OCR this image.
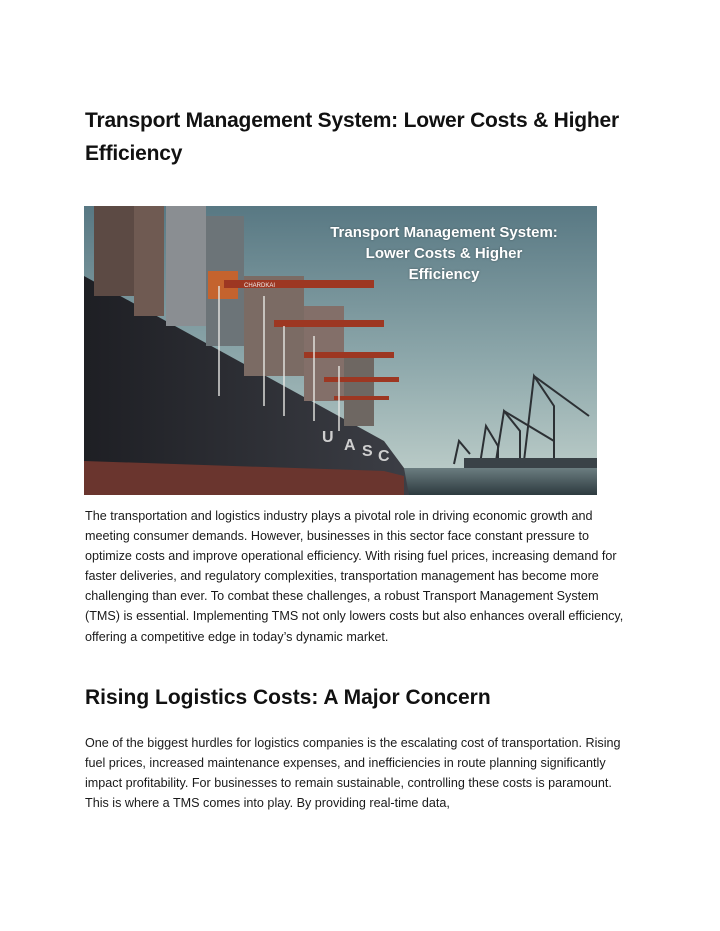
Transport Management System: Lower Costs & Higher Efficiency
CHARDKAI
U A S C
Transport Management System:
Lower Costs & Higher
Efficiency

The transportation and logistics industry plays a pivotal role in driving economic growth and meeting consumer demands. However, businesses in this sector face constant pressure to optimize costs and improve operational efficiency. With rising fuel prices, increasing demand for faster deliveries, and regulatory complexities, transportation management has become more challenging than ever. To combat these challenges, a robust Transport Management System (TMS) is essential. Implementing TMS not only lowers costs but also enhances overall efficiency, offering a competitive edge in today’s dynamic market.

Rising Logistics Costs: A Major Concern

One of the biggest hurdles for logistics companies is the escalating cost of transportation. Rising fuel prices, increased maintenance expenses, and inefficiencies in route planning significantly impact profitability. For businesses to remain sustainable, controlling these costs is paramount. This is where a TMS comes into play. By providing real-time data,
